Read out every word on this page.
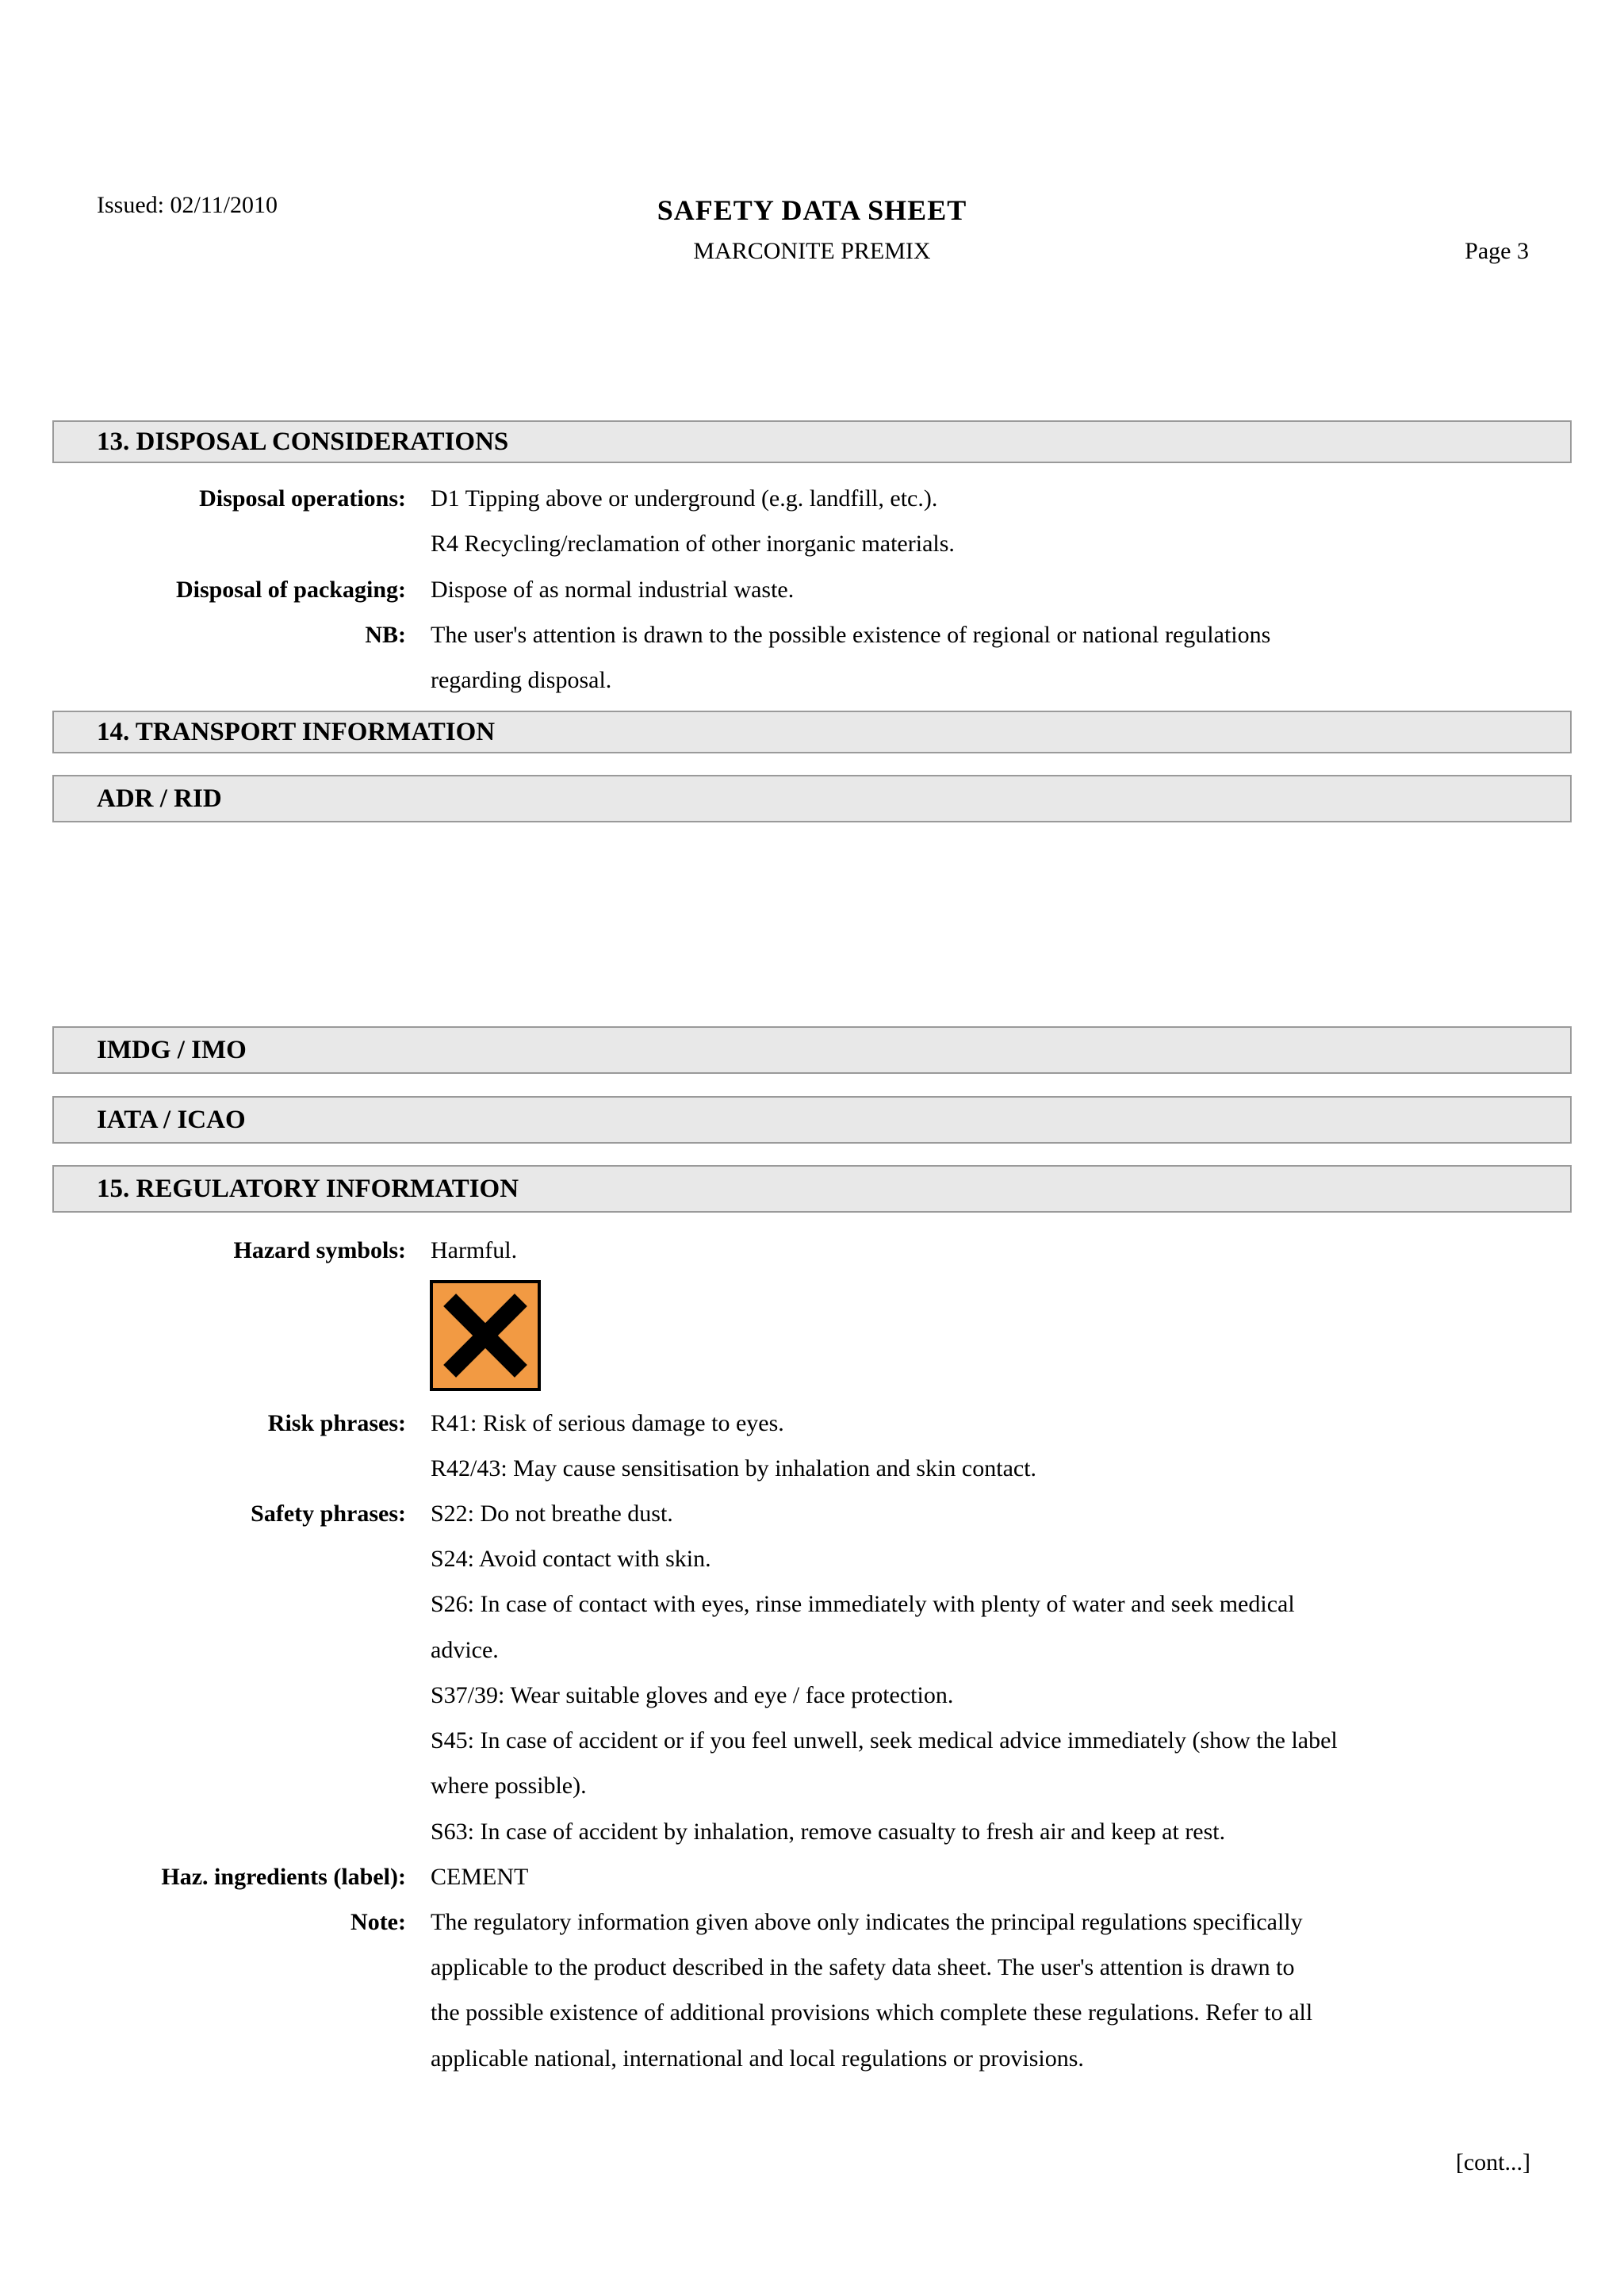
Issued: 02/11/2010	SAFETY DATA SHEET
MARCONITE PREMIX	Page 3
13. DISPOSAL CONSIDERATIONS
Disposal operations: D1 Tipping above or underground (e.g. landfill, etc.).
R4 Recycling/reclamation of other inorganic materials.
Disposal of packaging: Dispose of as normal industrial waste.
NB: The user's attention is drawn to the possible existence of regional or national regulations
regarding disposal.
14. TRANSPORT INFORMATION
ADR / RID
IMDG / IMO
IATA / ICAO
15. REGULATORY INFORMATION
Hazard symbols: Harmful.
Risk phrases: R41: Risk of serious damage to eyes.
R42/43: May cause sensitisation by inhalation and skin contact.
Safety phrases: S22: Do not breathe dust.
S24: Avoid contact with skin.
S26: In case of contact with eyes, rinse immediately with plenty of water and seek medical
advice.
S37/39: Wear suitable gloves and eye / face protection.
S45: In case of accident or if you feel unwell, seek medical advice immediately (show the label
where possible).
S63: In case of accident by inhalation, remove casualty to fresh air and keep at rest.
Haz. ingredients (label): CEMENT
Note: The regulatory information given above only indicates the principal regulations specifically
applicable to the product described in the safety data sheet. The user's attention is drawn to
the possible existence of additional provisions which complete these regulations. Refer to all
applicable national, international and local regulations or provisions.
[cont...]
